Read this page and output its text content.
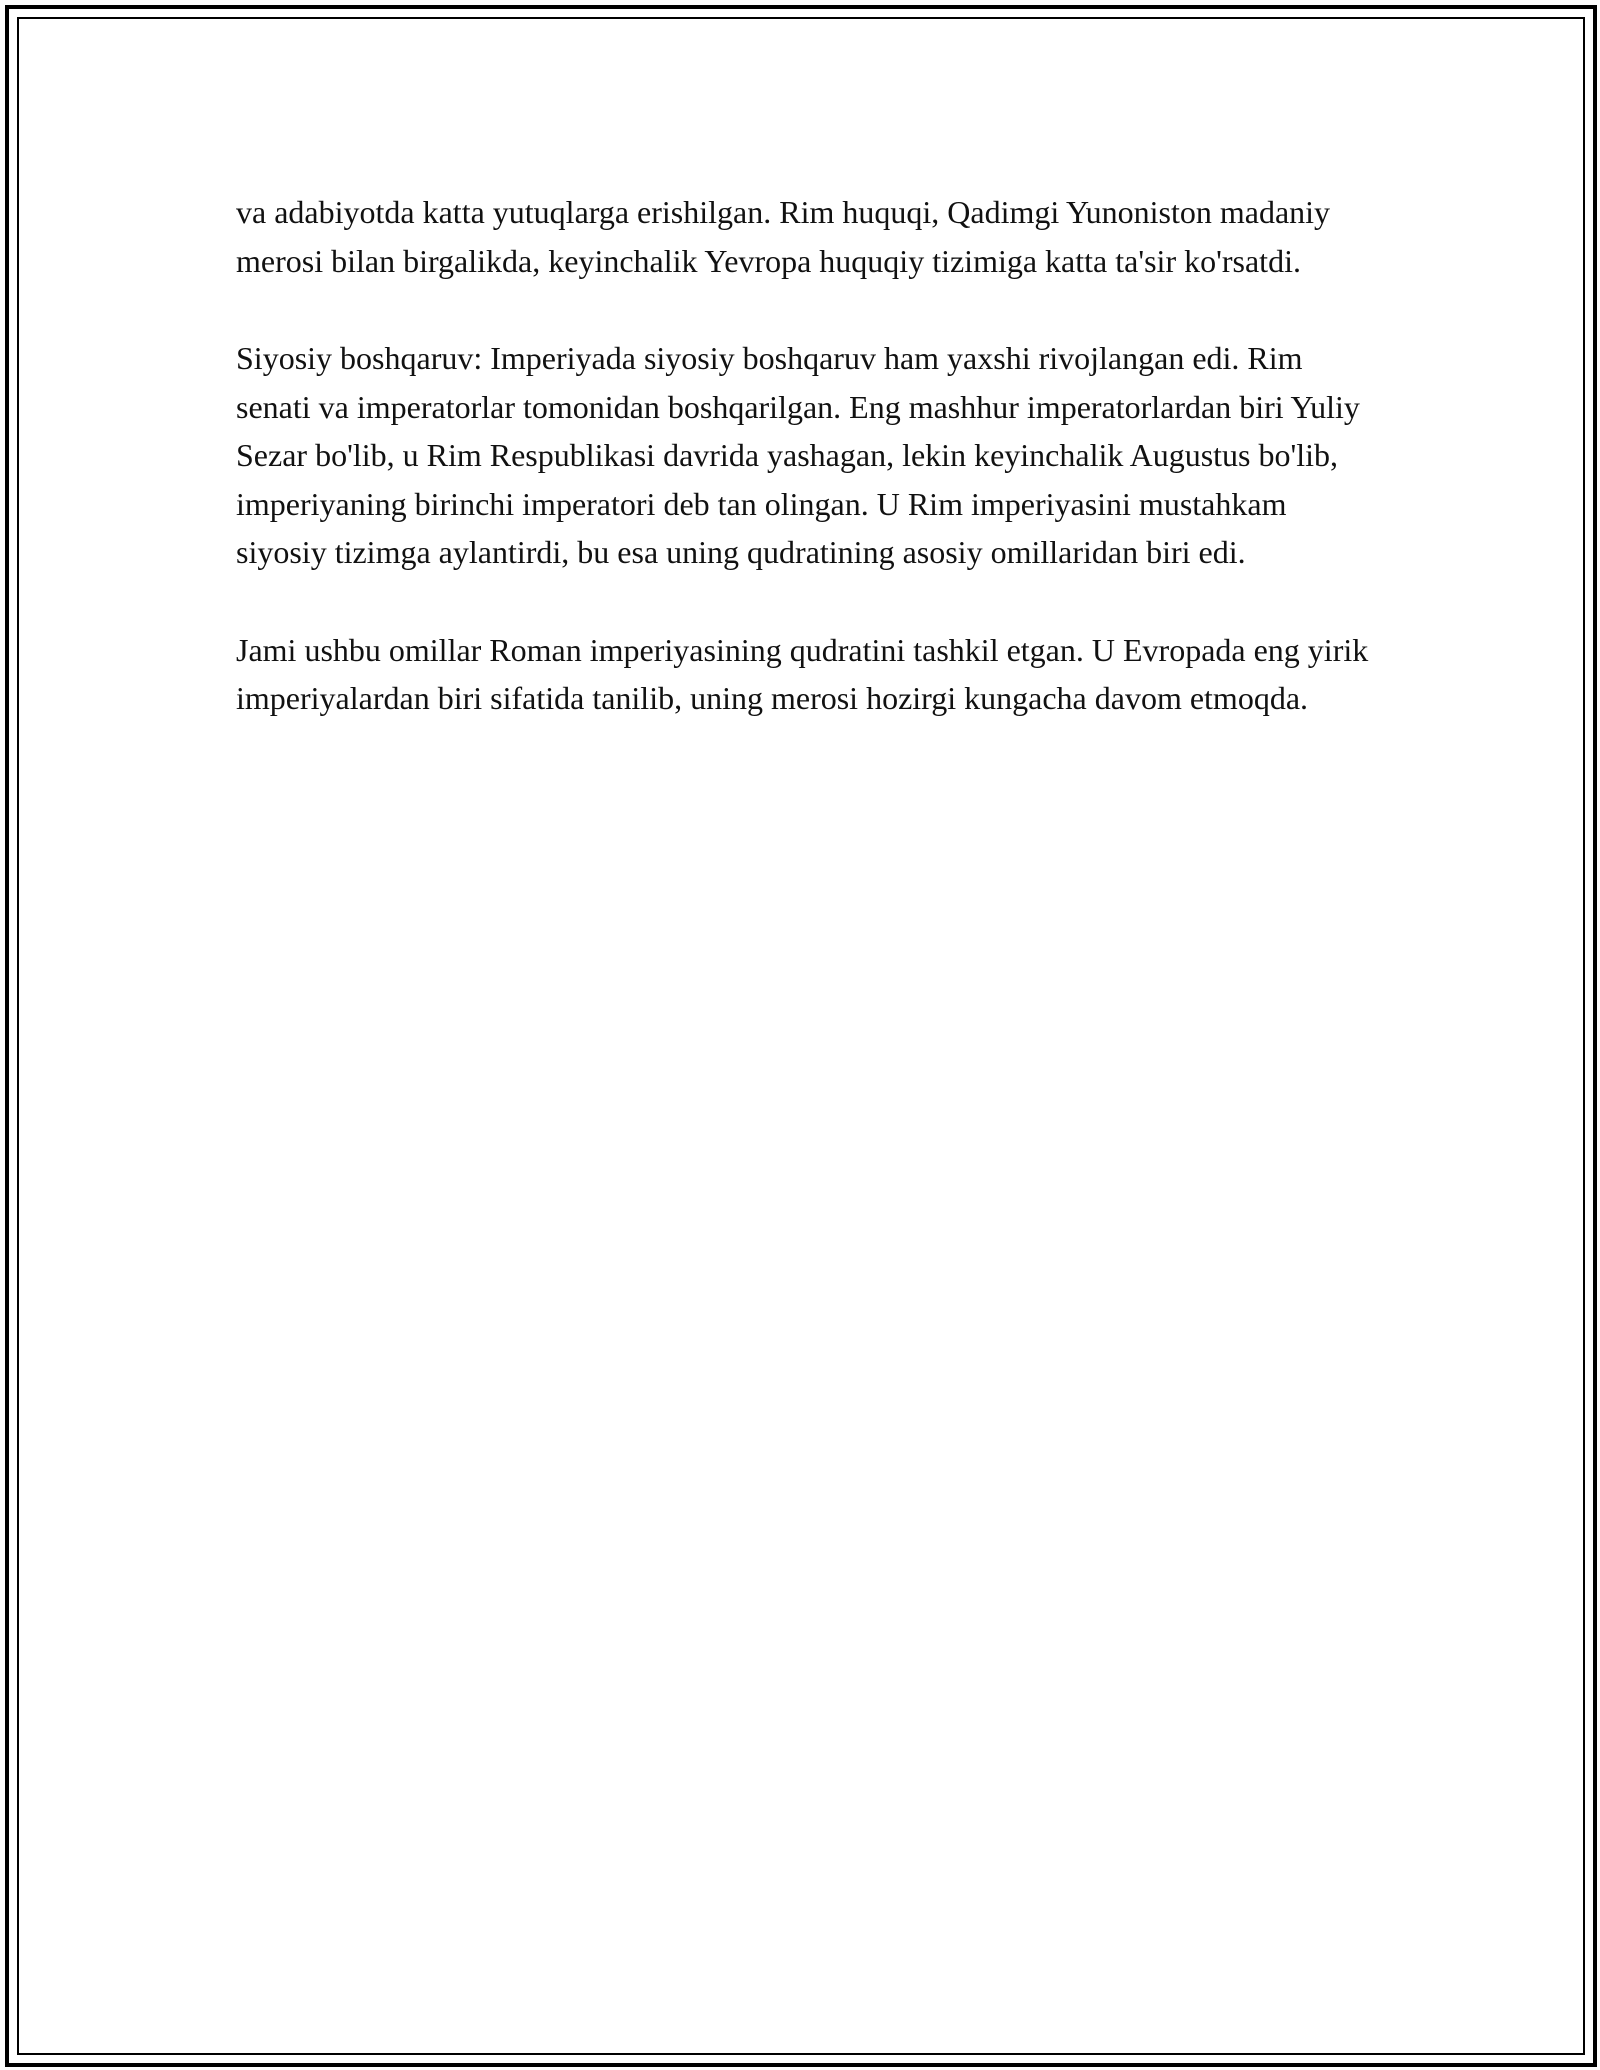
va adabiyotda katta yutuqlarga erishilgan. Rim huquqi, Qadimgi Yunoniston madaniy merosi bilan birgalikda, keyinchalik Yevropa huquqiy tizimiga katta ta'sir ko'rsatdi.

Siyosiy boshqaruv: Imperiyada siyosiy boshqaruv ham yaxshi rivojlangan edi. Rim senati va imperatorlar tomonidan boshqarilgan. Eng mashhur imperatorlardan biri Yuliy Sezar bo'lib, u Rim Respublikasi davrida yashagan, lekin keyinchalik Augustus bo'lib, imperiyaning birinchi imperatori deb tan olingan. U Rim imperiyasini mustahkam siyosiy tizimga aylantirdi, bu esa uning qudratining asosiy omillaridan biri edi.

Jami ushbu omillar Roman imperiyasining qudratini tashkil etgan. U Evropada eng yirik imperiyalardan biri sifatida tanilib, uning merosi hozirgi kungacha davom etmoqda.
